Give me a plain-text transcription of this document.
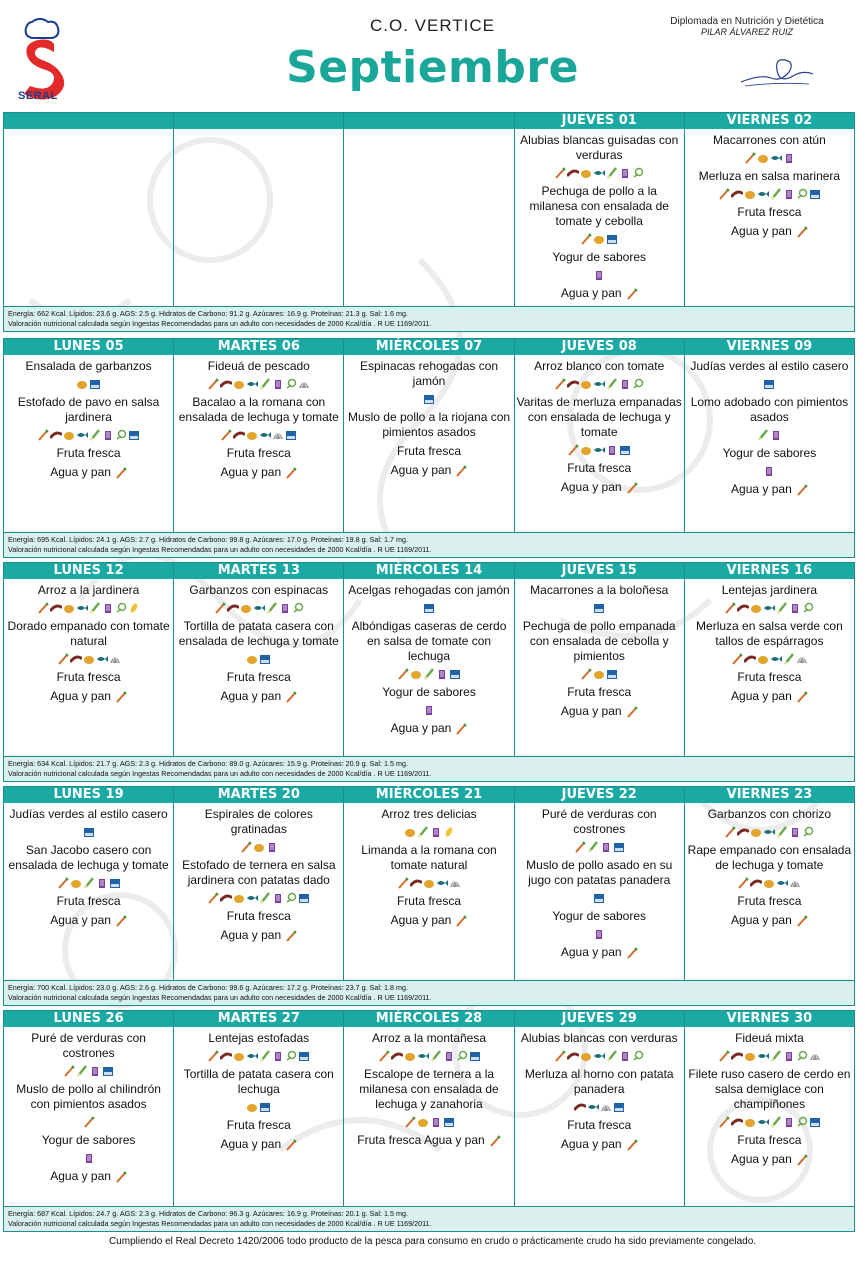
SERAL
C.O. VERTICE
Septiembre
Diplomada en Nutrición y Dietética
PILAR ÁLVAREZ RUIZ
JUEVES 01
Alubias blancas guisadas con verduras
Pechuga de pollo a la milanesa con ensalada de tomate y cebolla
Yogur de sabores
Agua y pan
VIERNES 02
Macarrones con atún
Merluza en salsa marinera
Fruta fresca
Agua y pan
Energía: 662 Kcal. Lípidos: 23.6 g. AGS: 2.5 g. Hidratos de Carbono: 91.2 g. Azúcares: 16.9 g. Proteínas: 21.3 g. Sal: 1.6 mg.
Valoración nutricional calculada según Ingestas Recomendadas para un adulto con necesidades de 2000 Kcal/día . R UE 1169/2011.
LUNES 05
Ensalada de garbanzos
Estofado de pavo en salsa jardinera
Fruta fresca
Agua y pan
MARTES 06
Fideuá de pescado
Bacalao a la romana con ensalada de lechuga y tomate
Fruta fresca
Agua y pan
MIÉRCOLES 07
Espinacas rehogadas con jamón
Muslo de pollo a la riojana con pimientos asados
Fruta fresca
Agua y pan
JUEVES 08
Arroz blanco con tomate
Varitas de merluza empanadas con ensalada de lechuga y tomate
Fruta fresca
Agua y pan
VIERNES 09
Judías verdes al estilo casero
Lomo adobado con pimientos asados
Yogur de sabores
Agua y pan
Energía: 695 Kcal. Lípidos: 24.1 g. AGS: 2.7 g. Hidratos de Carbono: 99.8 g. Azúcares: 17.0 g. Proteínas: 19.8 g. Sal: 1.7 mg.
Valoración nutricional calculada según Ingestas Recomendadas para un adulto con necesidades de 2000 Kcal/día . R UE 1169/2011.
LUNES 12
Arroz a la jardinera
Dorado empanado con tomate natural
Fruta fresca
Agua y pan
MARTES 13
Garbanzos con espinacas
Tortilla de patata casera con ensalada de lechuga y tomate
Fruta fresca
Agua y pan
MIÉRCOLES 14
Acelgas rehogadas con jamón
Albóndigas caseras de cerdo en salsa de tomate con lechuga
Yogur de sabores
Agua y pan
JUEVES 15
Macarrones a la boloñesa
Pechuga de pollo empanada con ensalada de cebolla y pimientos
Fruta fresca
Agua y pan
VIERNES 16
Lentejas jardinera
Merluza en salsa verde con tallos de espárragos
Fruta fresca
Agua y pan
Energía: 634 Kcal. Lípidos: 21.7 g. AGS: 2.3 g. Hidratos de Carbono: 89.0 g. Azúcares: 15.9 g. Proteínas: 20.9 g. Sal: 1.5 mg.
Valoración nutricional calculada según Ingestas Recomendadas para un adulto con necesidades de 2000 Kcal/día . R UE 1169/2011.
LUNES 19
Judías verdes al estilo casero
San Jacobo casero con ensalada de lechuga y tomate
Fruta fresca
Agua y pan
MARTES 20
Espirales de colores gratinadas
Estofado de ternera en salsa jardinera con patatas dado
Fruta fresca
Agua y pan
MIÉRCOLES 21
Arroz tres delicias
Limanda a la romana con tomate natural
Fruta fresca
Agua y pan
JUEVES 22
Puré de verduras con costrones
Muslo de pollo asado en su jugo con patatas panadera
Yogur de sabores
Agua y pan
VIERNES 23
Garbanzos con chorizo
Rape empanado con ensalada de lechuga y tomate
Fruta fresca
Agua y pan
Energía: 700 Kcal. Lípidos: 23.0 g. AGS: 2.6 g. Hidratos de Carbono: 99.6 g. Azúcares: 17.2 g. Proteínas: 23.7 g. Sal: 1.8 mg.
Valoración nutricional calculada según Ingestas Recomendadas para un adulto con necesidades de 2000 Kcal/día . R UE 1169/2011.
LUNES 26
Puré de verduras con costrones
Muslo de pollo al chilindrón con pimientos asados
Yogur de sabores
Agua y pan
MARTES 27
Lentejas estofadas
Tortilla de patata casera con lechuga
Fruta fresca
Agua y pan
MIÉRCOLES 28
Arroz a la montañesa
Escalope de ternera a la milanesa con ensalada de lechuga y zanahoria
Fruta fresca Agua y pan
JUEVES 29
Alubias blancas con verduras
Merluza al horno con patata panadera
Fruta fresca
Agua y pan
VIERNES 30
Fideuá mixta
Filete ruso casero de cerdo en salsa demiglace con champiñones
Fruta fresca
Agua y pan
Energía: 687 Kcal. Lípidos: 24.7 g. AGS: 2.3 g. Hidratos de Carbono: 96.3 g. Azúcares: 16.9 g. Proteínas: 20.1 g. Sal: 1.5 mg.
Valoración nutricional calculada según Ingestas Recomendadas para un adulto con necesidades de 2000 Kcal/día . R UE 1169/2011.
Cumpliendo el Real Decreto 1420/2006 todo producto de la pesca para consumo en crudo o prácticamente crudo ha sido previamente congelado.
